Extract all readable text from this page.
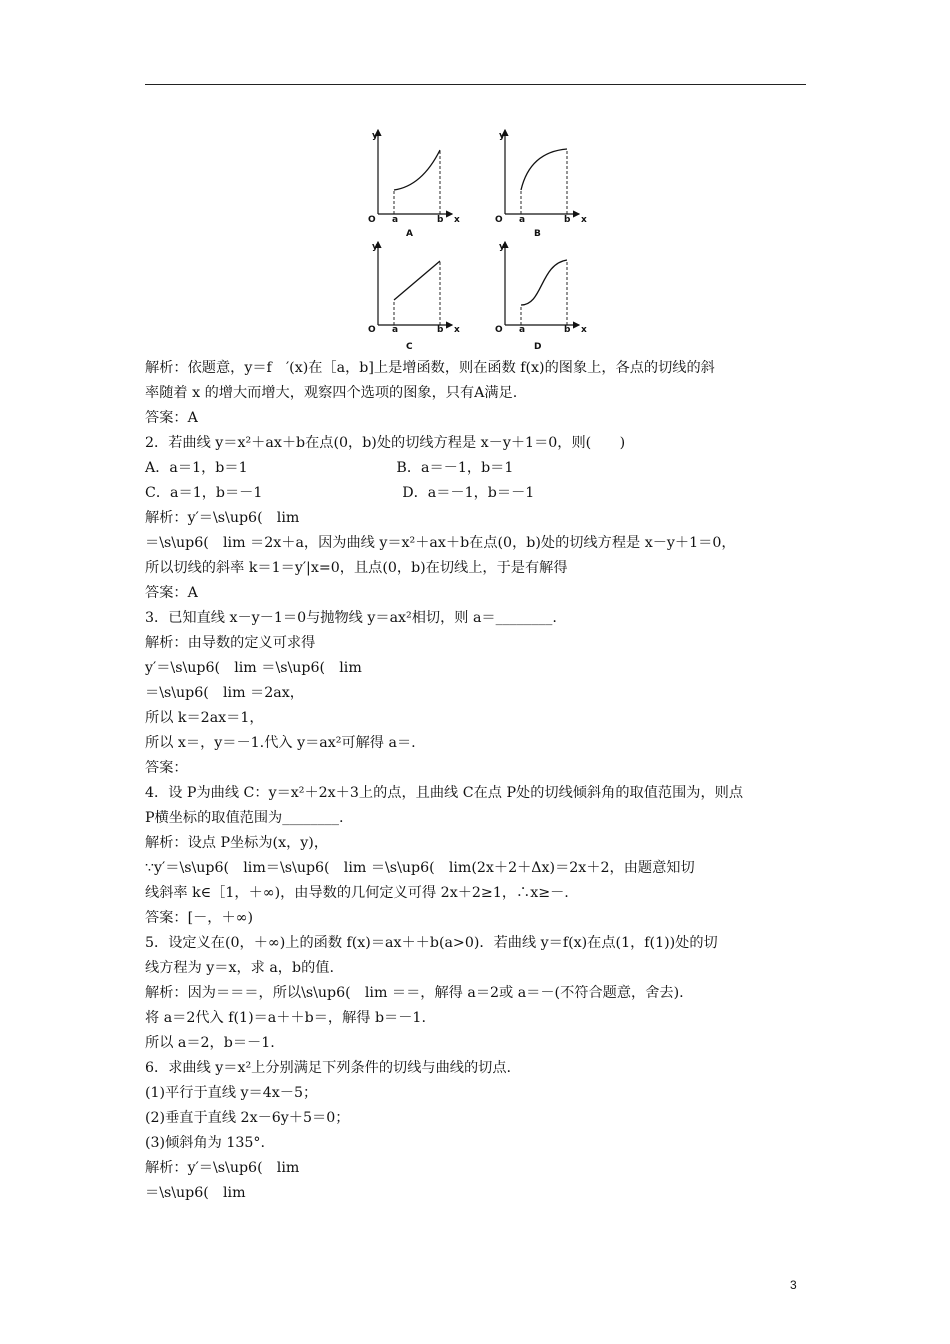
y
O a	b x
A
y
O a	b x
B
y
O a	b x
C
y
O a	b x
D
解析：依题意，y＝f　′(x)在［a，b]上是增函数，则在函数 f(x)的图象上，各点的切线的斜
率随着 x 的增大而增大，观察四个选项的图象，只有A满足.
答案：A
2．若曲线 y＝x²＋ax＋b在点(0，b)处的切线方程是 x－y＋1＝0，则(　　)
A．a＝1，b＝1                                 B．a＝－1，b＝1
C．a＝1，b＝－1                               D．a＝－1，b＝－1
解析：y′＝\s\up6(　lim
＝\s\up6(　lim ＝2x＋a，因为曲线 y＝x²＋ax＋b在点(0，b)处的切线方程是 x－y＋1＝0，
所以切线的斜率 k＝1＝y′|x=0，且点(0，b)在切线上，于是有解得
答案：A
3．已知直线 x－y－1＝0与抛物线 y＝ax²相切，则 a＝________.
解析：由导数的定义可求得
y′＝\s\up6(　lim ＝\s\up6(　lim
＝\s\up6(　lim ＝2ax，
所以 k＝2ax＝1，
所以 x＝，y＝－1.代入 y＝ax²可解得 a＝.
答案：
4．设 P为曲线 C：y＝x²＋2x＋3上的点，且曲线 C在点 P处的切线倾斜角的取值范围为，则点
P横坐标的取值范围为________.
解析：设点 P坐标为(x，y)，
∵y′＝\s\up6(　lim＝\s\up6(　lim ＝\s\up6(　lim(2x＋2＋Δx)＝2x＋2，由题意知切
线斜率 k∈［1，＋∞)，由导数的几何定义可得 2x＋2≥1，∴x≥－.
答案：[－，＋∞)
5．设定义在(0，＋∞)上的函数 f(x)＝ax＋＋b(a>0)．若曲线 y＝f(x)在点(1，f(1))处的切
线方程为 y＝x，求 a，b的值.
解析：因为＝＝＝，所以\s\up6(　lim ＝＝，解得 a＝2或 a＝－(不符合题意，舍去).
将 a＝2代入 f(1)＝a＋＋b＝，解得 b＝－1.
所以 a＝2，b＝－1.
6．求曲线 y＝x²上分别满足下列条件的切线与曲线的切点.
(1)平行于直线 y＝4x－5；
(2)垂直于直线 2x－6y＋5＝0；
(3)倾斜角为 135°.
解析：y′＝\s\up6(　lim
＝\s\up6(　lim
3
